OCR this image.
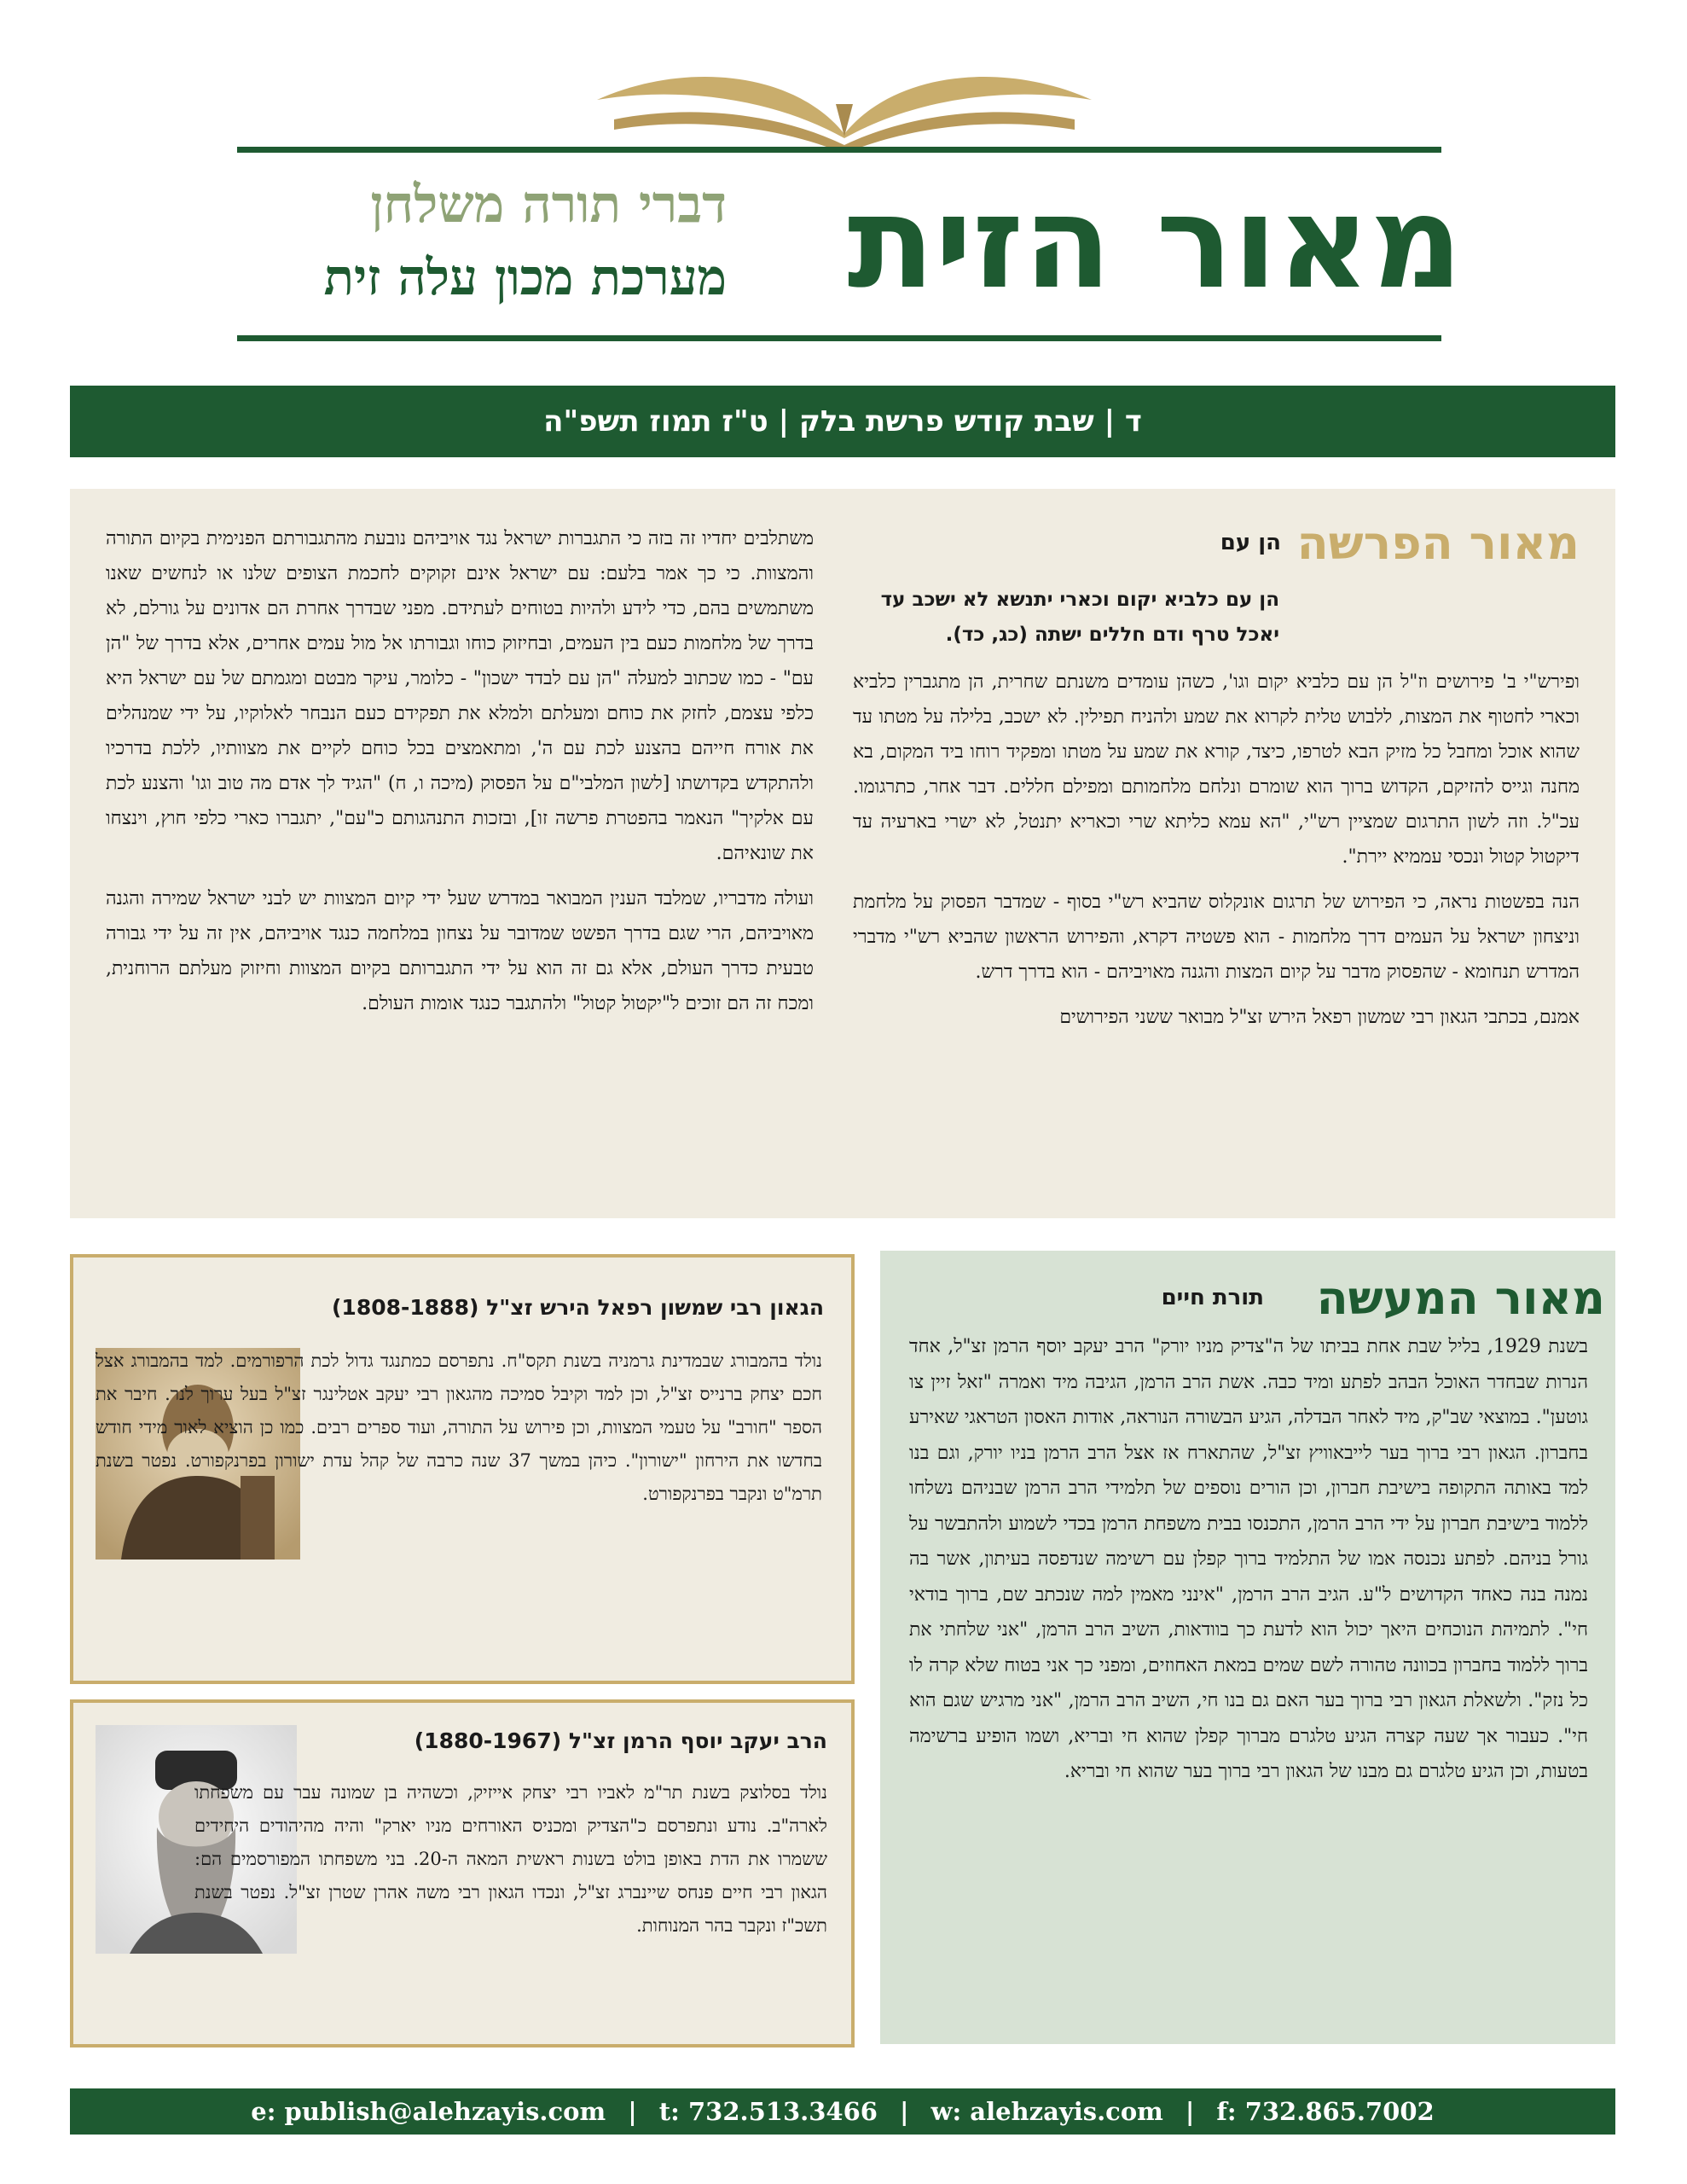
מאור הזית
דברי תורה משלחן
מערכת מכון עלה זית
ד | שבת קודש פרשת בלק | ט"ז תמוז תשפ"ה
מאור הפרשה
הן עם
הן עם כלביא יקום וכארי יתנשא לא ישכב עד יאכל טרף ודם חללים ישתה (כג, כד).

ופירש"י ב' פירושים וז"ל הן עם כלביא יקום וגו', כשהן עומדים משנתם שחרית, הן מתגברין כלביא וכארי לחטוף את המצות, ללבוש טלית לקרוא את שמע ולהניח תפילין. לא ישכב, בלילה על מטתו עד שהוא אוכל ומחבל כל מזיק הבא לטרפו, כיצד, קורא את שמע על מטתו ומפקיד רוחו ביד המקום, בא מחנה וגייס להזיקם, הקדוש ברוך הוא שומרם ונלחם מלחמותם ומפילם חללים. דבר אחר, כתרגומו. עכ"ל. וזה לשון התרגום שמציין רש"י, "הא עמא כליתא שרי וכאריא יתנטל, לא ישרי בארעיה עד דיקטול קטול ונכסי עממיא יירת".

הנה בפשטות נראה, כי הפירוש של תרגום אונקלוס שהביא רש"י בסוף - שמדבר הפסוק על מלחמת וניצחון ישראל על העמים דרך מלחמות - הוא פשטיה דקרא, והפירוש הראשון שהביא רש"י מדברי המדרש תנחומא - שהפסוק מדבר על קיום המצות והגנה מאויביהם - הוא בדרך דרש.

אמנם, בכתבי הגאון רבי שמשון רפאל הירש זצ"ל מבואר ששני הפירושים

משתלבים יחדיו זה בזה כי התגברות ישראל נגד אויביהם נובעת מהתגבורתם הפנימית בקיום התורה והמצוות. כי כך אמר בלעם: עם ישראל אינם זקוקים לחכמת הצופים שלנו או לנחשים שאנו משתמשים בהם, כדי לידע ולהיות בטוחים לעתידם. מפני שבדרך אחרת הם אדונים על גורלם, לא בדרך של מלחמות כעם בין העמים, ובחיזוק כוחו וגבורתו אל מול עמים אחרים, אלא בדרך של "הן עם" - כמו שכתוב למעלה "הן עם לבדד ישכון" - כלומר, עיקר מבטם ומגמתם של עם ישראל היא כלפי עצמם, לחזק את כוחם ומעלתם ולמלא את תפקידם כעם הנבחר לאלוקיו, על ידי שמנהלים את אורח חייהם בהצנע לכת עם ה', ומתאמצים בכל כוחם לקיים את מצוותיו, ללכת בדרכיו ולהתקדש בקדושתו [לשון המלבי"ם על הפסוק (מיכה ו, ח) "הגיד לך אדם מה טוב וגו' והצנע לכת עם אלקיך" הנאמר בהפטרת פרשה זו], ובזכות התנהגותם כ"עם", יתגברו כארי כלפי חוץ, וינצחו את שונאיהם.

ועולה מדבריו, שמלבד הענין המבואר במדרש שעל ידי קיום המצוות יש לבני ישראל שמירה והגנה מאויביהם, הרי שגם בדרך הפשט שמדובר על נצחון במלחמה כנגד אויביהם, אין זה על ידי גבורה טבעית כדרך העולם, אלא גם זה הוא על ידי התגברותם בקיום המצוות וחיזוק מעלתם הרוחנית, ומכח זה הם זוכים ל"יקטול קטול" ולהתגבר כנגד אומות העולם.

הגאון רבי שמשון רפאל הירש זצ"ל (1808-1888)
נולד בהמבורג שבמדינת גרמניה בשנת תקס"ח. נתפרסם כמתנגד גדול לכת הרפורמים. למד בהמבורג אצל חכם יצחק ברנייס זצ"ל, וכן למד וקיבל סמיכה מהגאון רבי יעקב אטלינגר זצ"ל בעל ערוך לנר. חיבר את הספר "חורב" על טעמי המצוות, וכן פירוש על התורה, ועוד ספרים רבים. כמו כן הוציא לאור מידי חודש בחדשו את הירחון "ישורון". כיהן במשך 37 שנה כרבה של קהל עדת ישורון בפרנקפורט. נפטר בשנת תרמ"ט ונקבר בפרנקפורט.
הרב יעקב יוסף הרמן זצ"ל (1880-1967)
נולד בסלוצק בשנת תר"מ לאביו רבי יצחק אייזיק, וכשהיה בן שמונה עבר עם משפחתו לארה"ב. נודע ונתפרסם כ"הצדיק ומכניס האורחים מניו יארק" והיה מהיהודים היחידים ששמרו את הדת באופן בולט בשנות ראשית המאה ה-20. בני משפחתו המפורסמים הם: הגאון רבי חיים פנחס שיינברג זצ"ל, ונכדו הגאון רבי משה אהרן שטרן זצ"ל. נפטר בשנת תשכ"ז ונקבר בהר המנוחות.
מאור המעשה
תורת חיים
בשנת 1929, בליל שבת אחת בביתו של ה"צדיק מניו יורק" הרב יעקב יוסף הרמן זצ"ל, אחד הנרות שבחדר האוכל הבהב לפתע ומיד כבה. אשת הרב הרמן, הגיבה מיד ואמרה "זאל זיין צו גוטען". במוצאי שב"ק, מיד לאחר הבדלה, הגיע הבשורה הנוראה, אודות האסון הטראגי שאירע בחברון. הגאון רבי ברוך בער לייבאוויץ זצ"ל, שהתארח אז אצל הרב הרמן בניו יורק, וגם בנו למד באותה התקופה בישיבת חברון, וכן הורים נוספים של תלמידי הרב הרמן שבניהם נשלחו ללמוד בישיבת חברון על ידי הרב הרמן, התכנסו בבית משפחת הרמן בכדי לשמוע ולהתבשר על גורל בניהם. לפתע נכנסה אמו של התלמיד ברוך קפלן עם רשימה שנדפסה בעיתון, אשר בה נמנה בנה כאחד הקדושים ל"ע. הגיב הרב הרמן, "אינני מאמין למה שנכתב שם, ברוך בודאי חי". לתמיהת הנוכחים היאך יכול הוא לדעת כך בוודאות, השיב הרב הרמן, "אני שלחתי את ברוך ללמוד בחברון בכוונה טהורה לשם שמים במאת האחוזים, ומפני כך אני בטוח שלא קרה לו כל נזק". ולשאלת הגאון רבי ברוך בער האם גם בנו חי, השיב הרב הרמן, "אני מרגיש שגם הוא חי". כעבור אך שעה קצרה הגיע טלגרם מברוך קפלן שהוא חי ובריא, ושמו הופיע ברשימה בטעות, וכן הגיע טלגרם גם מבנו של הגאון רבי ברוך בער שהוא חי ובריא.
e: publish@alehzayis.com | t: 732.513.3466 | w: alehzayis.com | f: 732.865.7002
